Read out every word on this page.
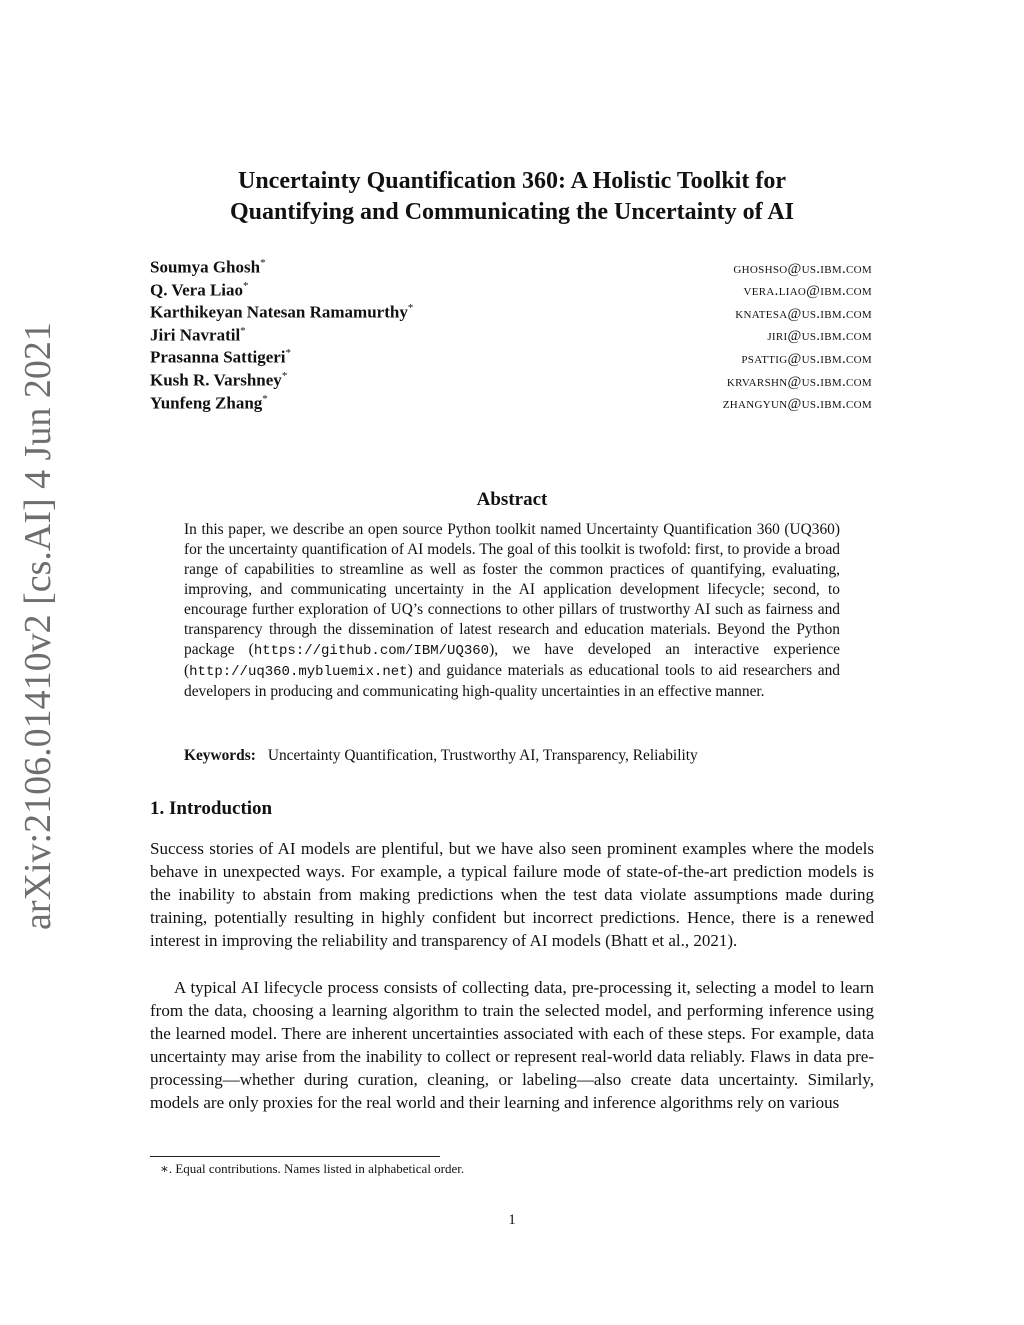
arXiv:2106.01410v2 [cs.AI] 4 Jun 2021
Uncertainty Quantification 360: A Holistic Toolkit for
Quantifying and Communicating the Uncertainty of AI
Soumya Ghosh*	ghoshso@us.ibm.com
Q. Vera Liao*	vera.liao@ibm.com
Karthikeyan Natesan Ramamurthy*	knatesa@us.ibm.com
Jiri Navratil*	jiri@us.ibm.com
Prasanna Sattigeri*	psattig@us.ibm.com
Kush R. Varshney*	krvarshn@us.ibm.com
Yunfeng Zhang*	zhangyun@us.ibm.com
Abstract

In this paper, we describe an open source Python toolkit named Uncertainty Quantification 360 (UQ360) for the uncertainty quantification of AI models. The goal of this toolkit is twofold: first, to provide a broad range of capabilities to streamline as well as foster the common practices of quantifying, evaluating, improving, and communicating uncertainty in the AI application development lifecycle; second, to encourage further exploration of UQ’s connections to other pillars of trustworthy AI such as fairness and transparency through the dissemination of latest research and education materials. Beyond the Python package (https://github.com/IBM/UQ360), we have developed an interactive experience (http://uq360.mybluemix.net) and guidance materials as educational tools to aid researchers and developers in producing and communicating high-quality uncertainties in an effective manner.

Keywords: Uncertainty Quantification, Trustworthy AI, Transparency, Reliability
1. Introduction

Success stories of AI models are plentiful, but we have also seen prominent examples where the models behave in unexpected ways. For example, a typical failure mode of state-of-the-art prediction models is the inability to abstain from making predictions when the test data violate assumptions made during training, potentially resulting in highly confident but incorrect predictions. Hence, there is a renewed interest in improving the reliability and transparency of AI models (Bhatt et al., 2021).

A typical AI lifecycle process consists of collecting data, pre-processing it, selecting a model to learn from the data, choosing a learning algorithm to train the selected model, and performing inference using the learned model. There are inherent uncertainties associated with each of these steps. For example, data uncertainty may arise from the inability to collect or represent real-world data reliably. Flaws in data pre-processing—whether during curation, cleaning, or labeling—also create data uncertainty. Similarly, models are only proxies for the real world and their learning and inference algorithms rely on various

∗. Equal contributions. Names listed in alphabetical order.
1
